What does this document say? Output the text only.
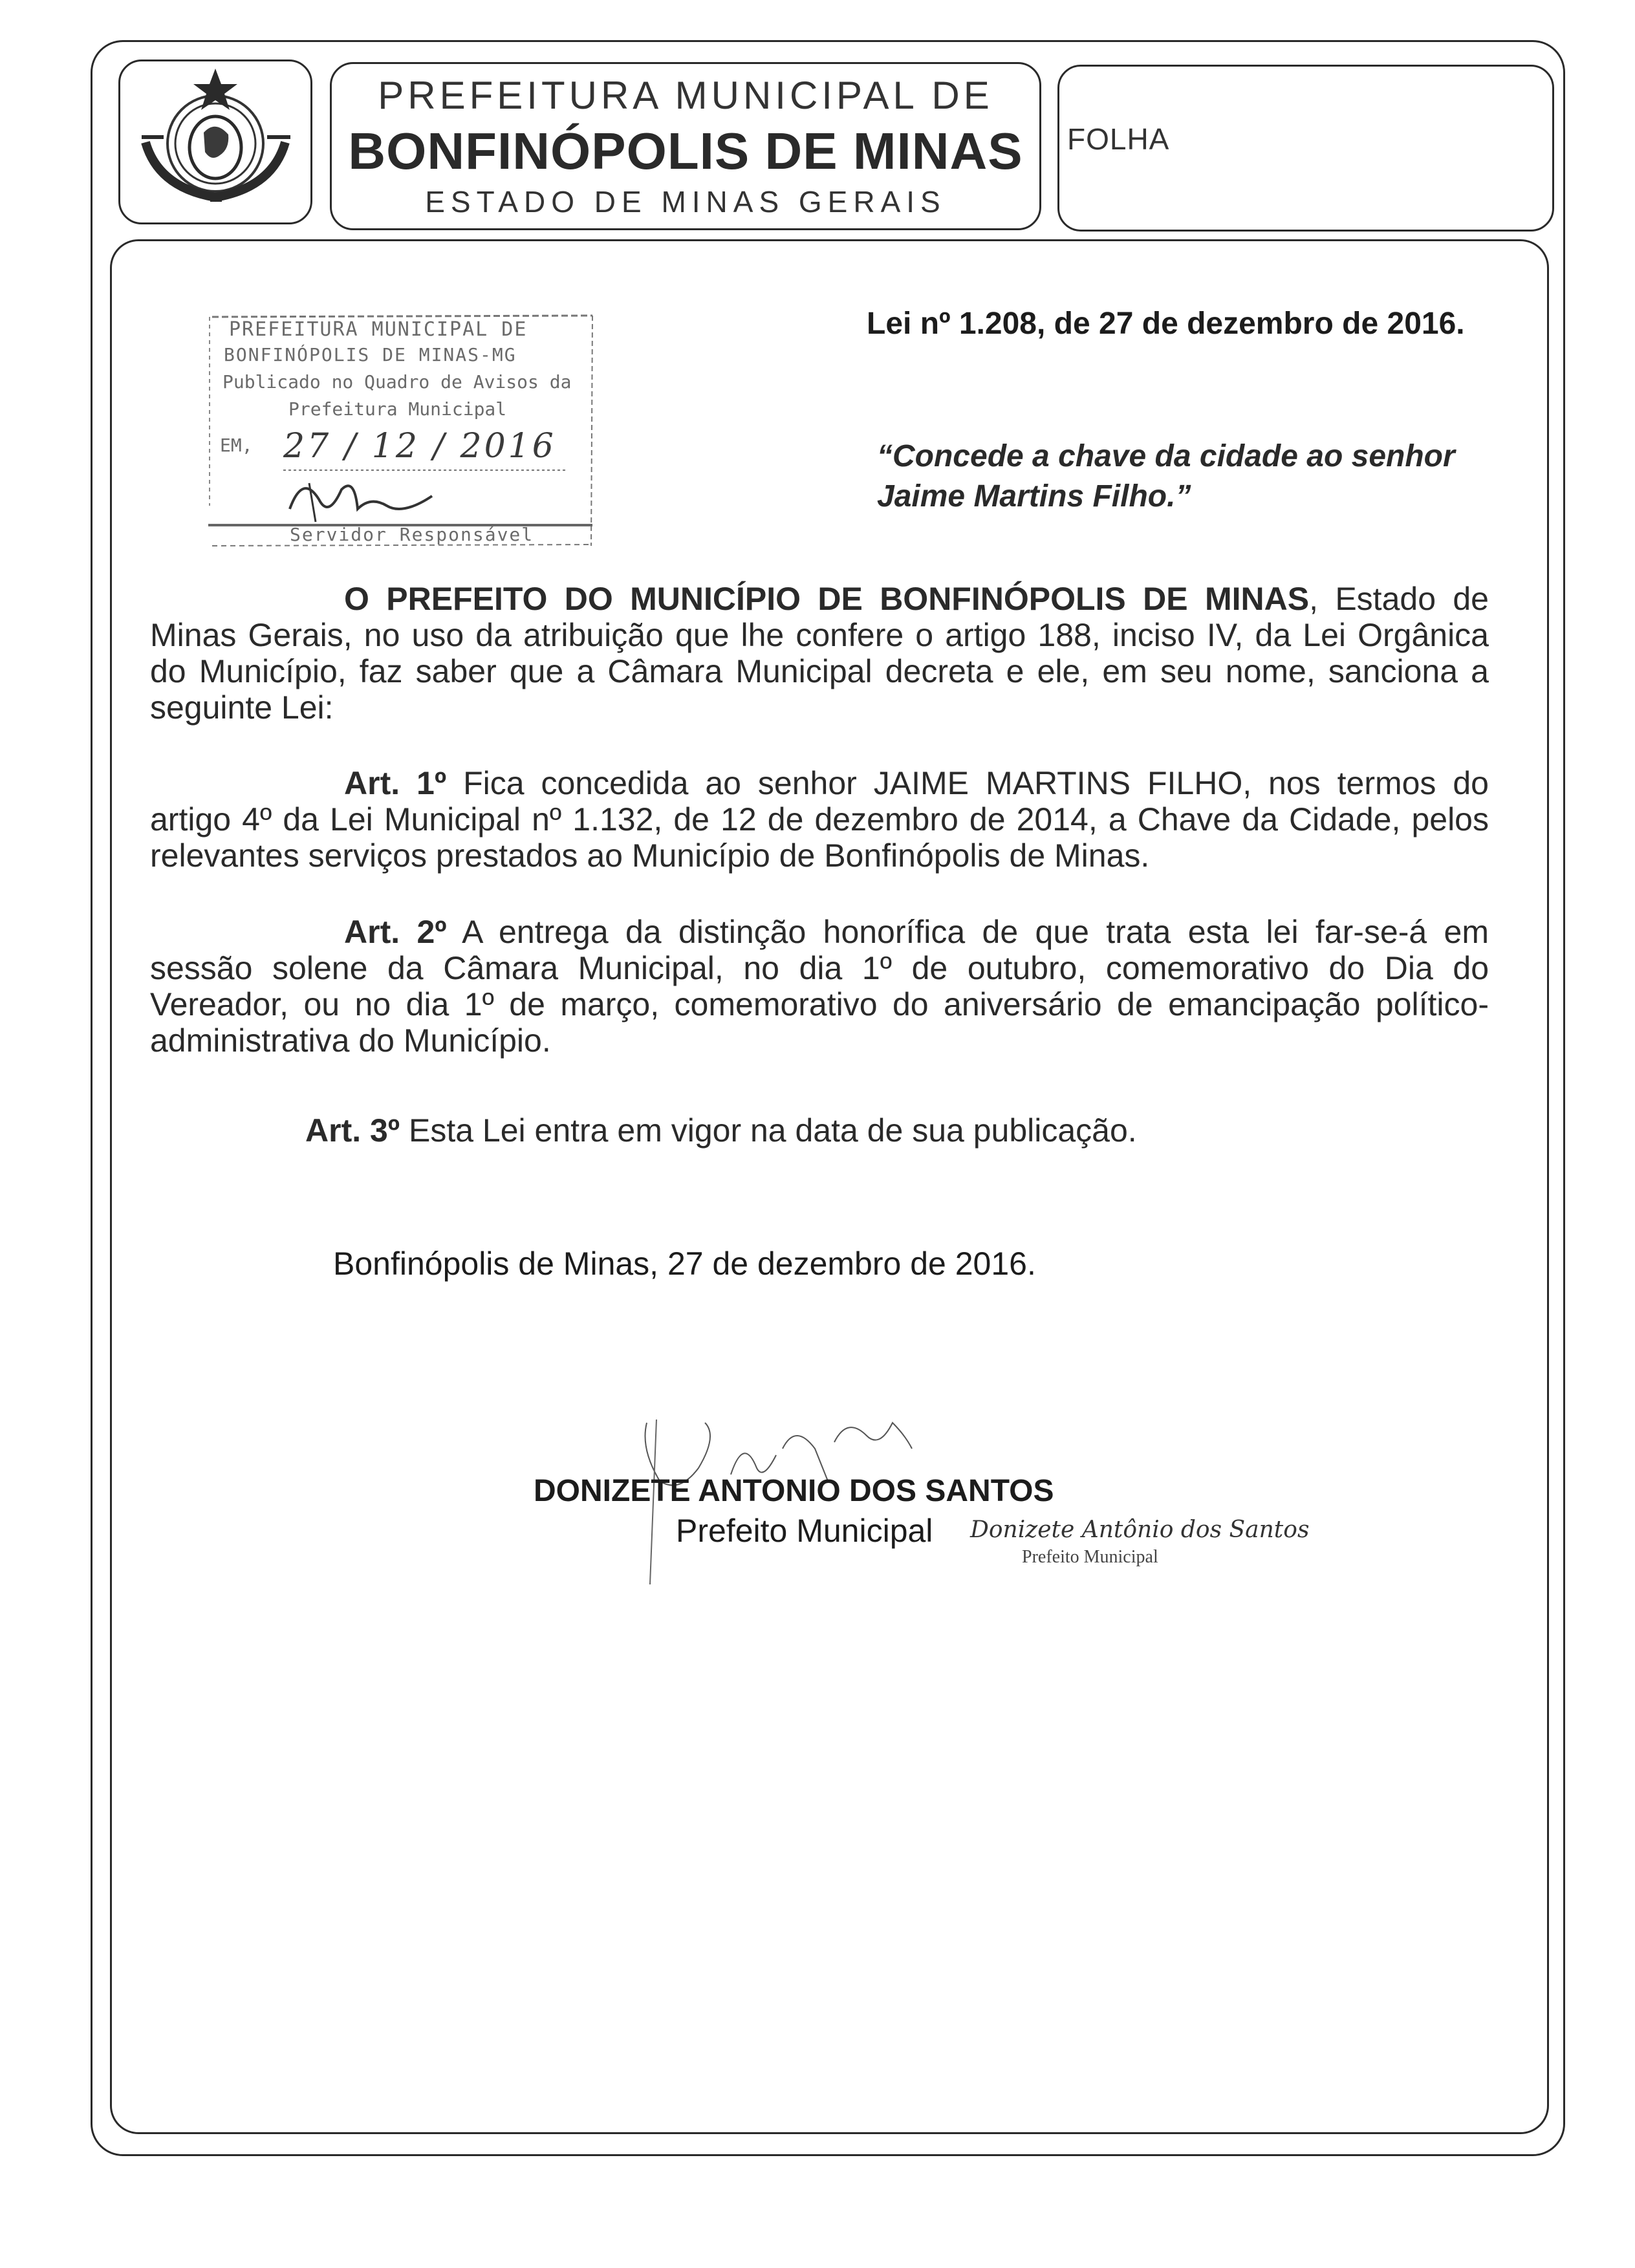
PREFEITURA MUNICIPAL DE
BONFINÓPOLIS DE MINAS
ESTADO DE MINAS GERAIS
FOLHA
PREFEITURA MUNICIPAL DE
BONFINÓPOLIS DE MINAS-MG
Publicado no Quadro de Avisos da
Prefeitura Municipal
EM, 27 / 12 / 2016
Servidor Responsável
Lei nº 1.208, de 27 de dezembro de 2016.
“Concede a chave da cidade ao senhor Jaime Martins Filho.”
O PREFEITO DO MUNICÍPIO DE BONFINÓPOLIS DE MINAS, Estado de Minas Gerais, no uso da atribuição que lhe confere o artigo 188, inciso IV, da Lei Orgânica do Município, faz saber que a Câmara Municipal decreta e ele, em seu nome, sanciona a seguinte Lei:
Art. 1º Fica concedida ao senhor JAIME MARTINS FILHO, nos termos do artigo 4º da Lei Municipal nº 1.132, de 12 de dezembro de 2014, a Chave da Cidade, pelos relevantes serviços prestados ao Município de Bonfinópolis de Minas.
Art. 2º A entrega da distinção honorífica de que trata esta lei far-se-á em sessão solene da Câmara Municipal, no dia 1º de outubro, comemorativo do Dia do Vereador, ou no dia 1º de março, comemorativo do aniversário de emancipação político-administrativa do Município.
Art. 3º Esta Lei entra em vigor na data de sua publicação.
Bonfinópolis de Minas, 27 de dezembro de 2016.
DONIZETE ANTONIO DOS SANTOS
Prefeito Municipal Donizete Antônio dos Santos
Prefeito Municipal
